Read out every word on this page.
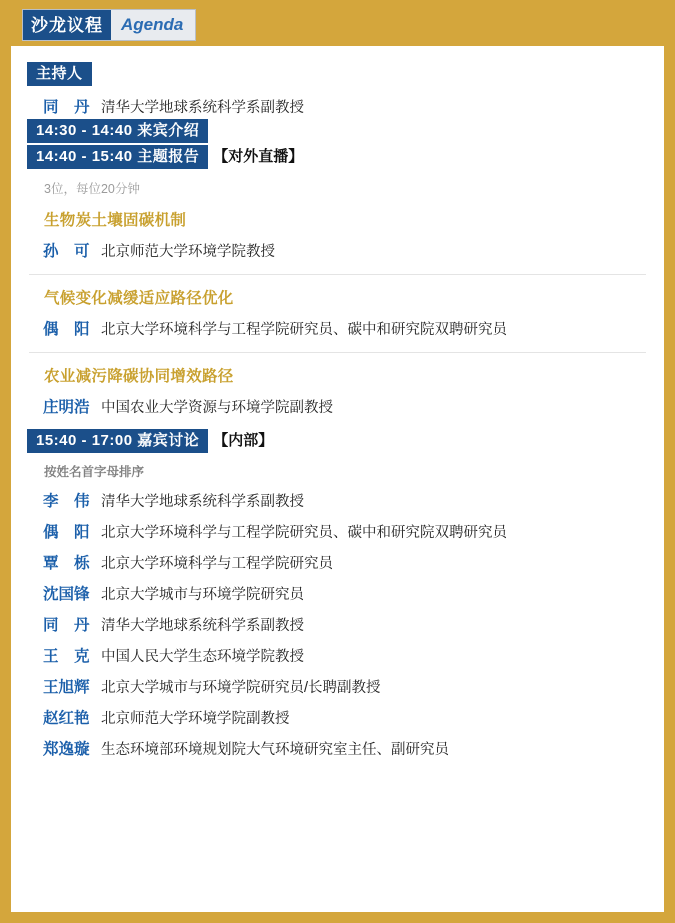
沙龙议程	Agenda
主持人
同　丹 清华大学地球系统科学系副教授
14:30 - 14:40 来宾介绍
14:40 - 15:40 主题报告 【对外直播】
3位，每位20分钟
生物炭土壤固碳机制
孙　可 北京师范大学环境学院教授
气候变化减缓适应路径优化
偶　阳 北京大学环境科学与工程学院研究员、碳中和研究院双聘研究员
农业减污降碳协同增效路径
庄明浩 中国农业大学资源与环境学院副教授
15:40 - 17:00 嘉宾讨论 【内部】
按姓名首字母排序
李　伟 清华大学地球系统科学系副教授
偶　阳 北京大学环境科学与工程学院研究员、碳中和研究院双聘研究员
覃　栎 北京大学环境科学与工程学院研究员
沈国锋 北京大学城市与环境学院研究员
同　丹 清华大学地球系统科学系副教授
王　克 中国人民大学生态环境学院教授
王旭辉 北京大学城市与环境学院研究员/长聘副教授
赵红艳 北京师范大学环境学院副教授
郑逸璇 生态环境部环境规划院大气环境研究室主任、副研究员
